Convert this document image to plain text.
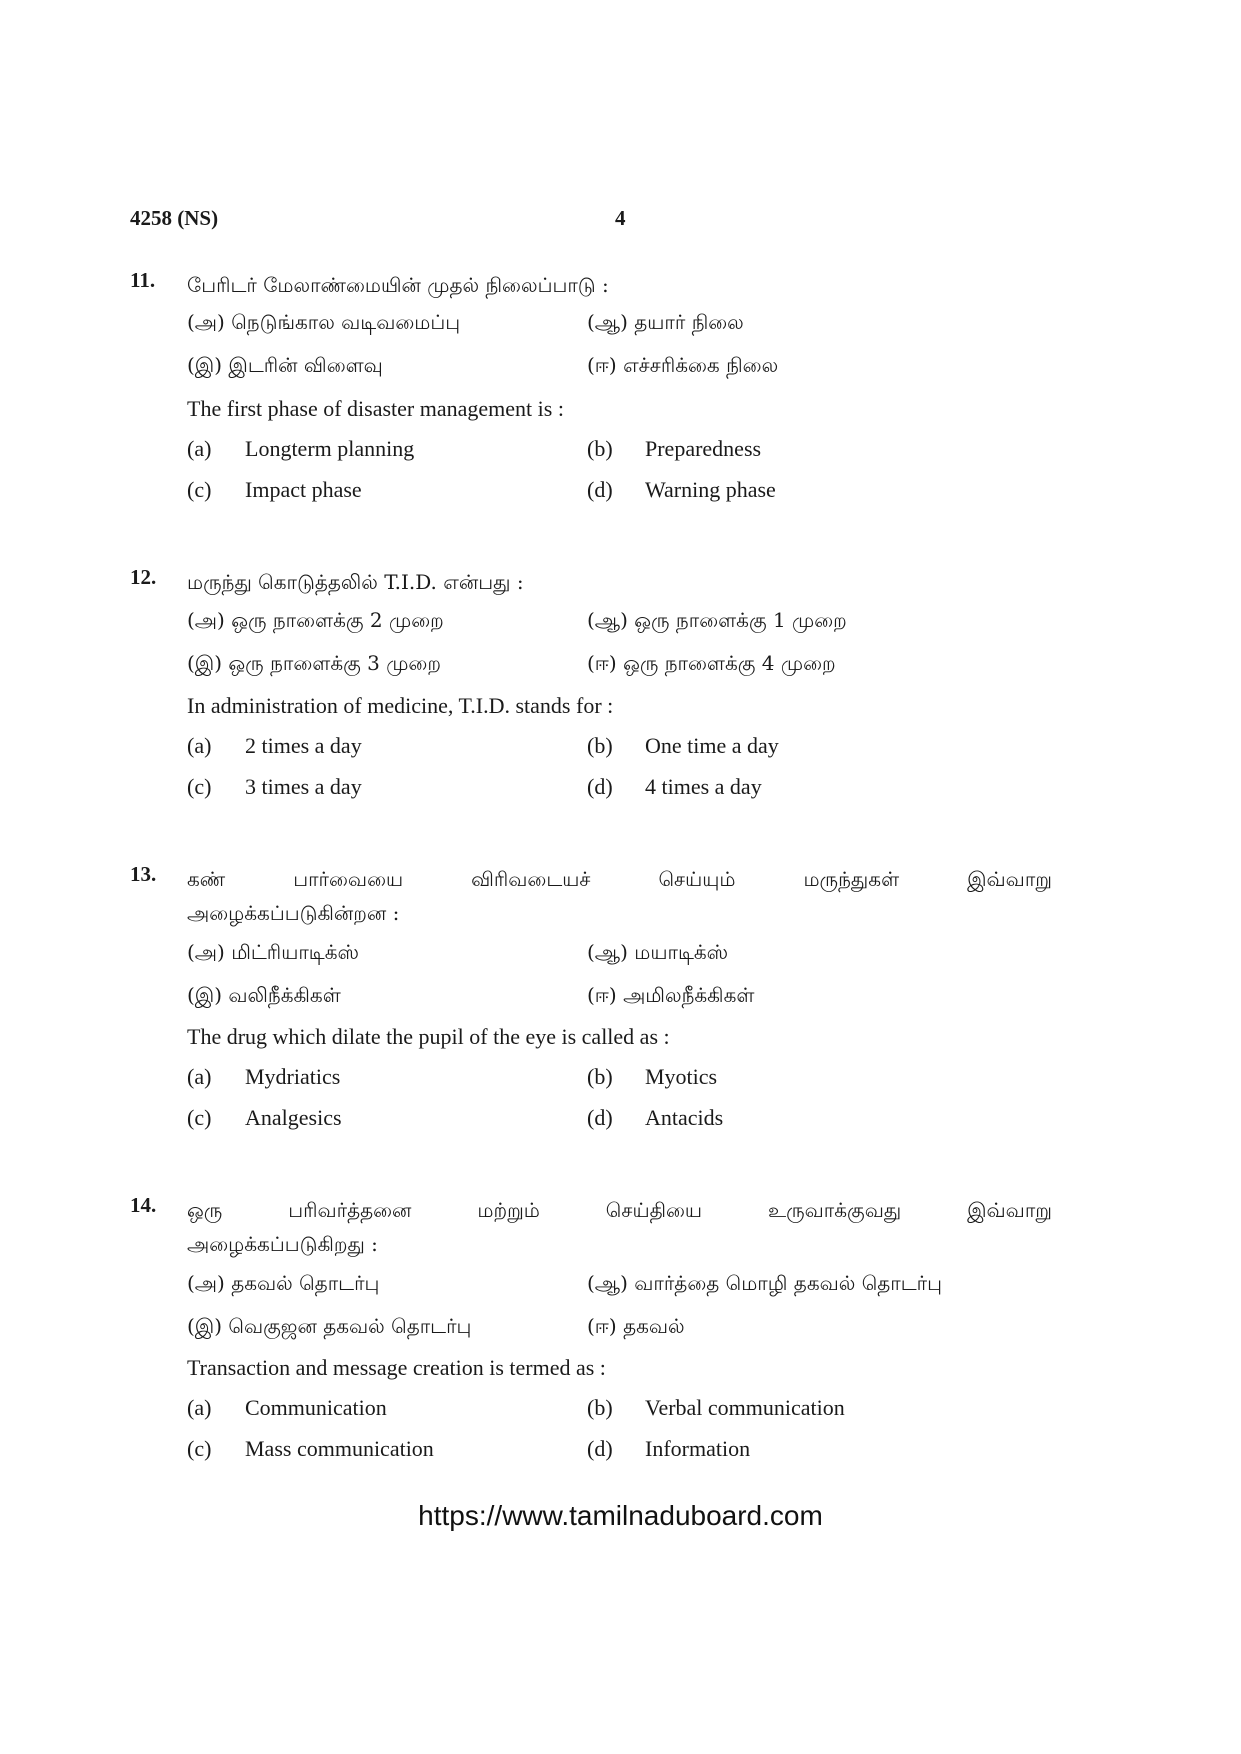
4258 (NS)	4
11. பேரிடர் மேலாண்மையின் முதல் நிலைப்பாடு :
(அ) நெடுங்கால வடிவமைப்பு	(ஆ) தயார் நிலை
(இ) இடரின் விளைவு	(ஈ) எச்சரிக்கை நிலை
The first phase of disaster management is :
(a) Longterm planning	(b) Preparedness
(c) Impact phase	(d) Warning phase
12. மருந்து கொடுத்தலில் T.I.D. என்பது :
(அ) ஒரு நாளைக்கு 2 முறை	(ஆ) ஒரு நாளைக்கு 1 முறை
(இ) ஒரு நாளைக்கு 3 முறை	(ஈ) ஒரு நாளைக்கு 4 முறை
In administration of medicine, T.I.D. stands for :
(a) 2 times a day	(b) One time a day
(c) 3 times a day	(d) 4 times a day
13. கண் பார்வையை விரிவடையச் செய்யும் மருந்துகள் இவ்வாறு
அழைக்கப்படுகின்றன :
(அ) மிட்ரியாடிக்ஸ்	(ஆ) மயாடிக்ஸ்
(இ) வலிநீக்கிகள்	(ஈ) அமிலநீக்கிகள்
The drug which dilate the pupil of the eye is called as :
(a) Mydriatics	(b) Myotics
(c) Analgesics	(d) Antacids
14. ஒரு பரிவர்த்தனை மற்றும் செய்தியை உருவாக்குவது இவ்வாறு
அழைக்கப்படுகிறது :
(அ) தகவல் தொடர்பு	(ஆ) வார்த்தை மொழி தகவல் தொடர்பு
(இ) வெகுஜன தகவல் தொடர்பு	(ஈ) தகவல்
Transaction and message creation is termed as :
(a) Communication	(b) Verbal communication
(c) Mass communication	(d) Information
https://www.tamilnaduboard.com
